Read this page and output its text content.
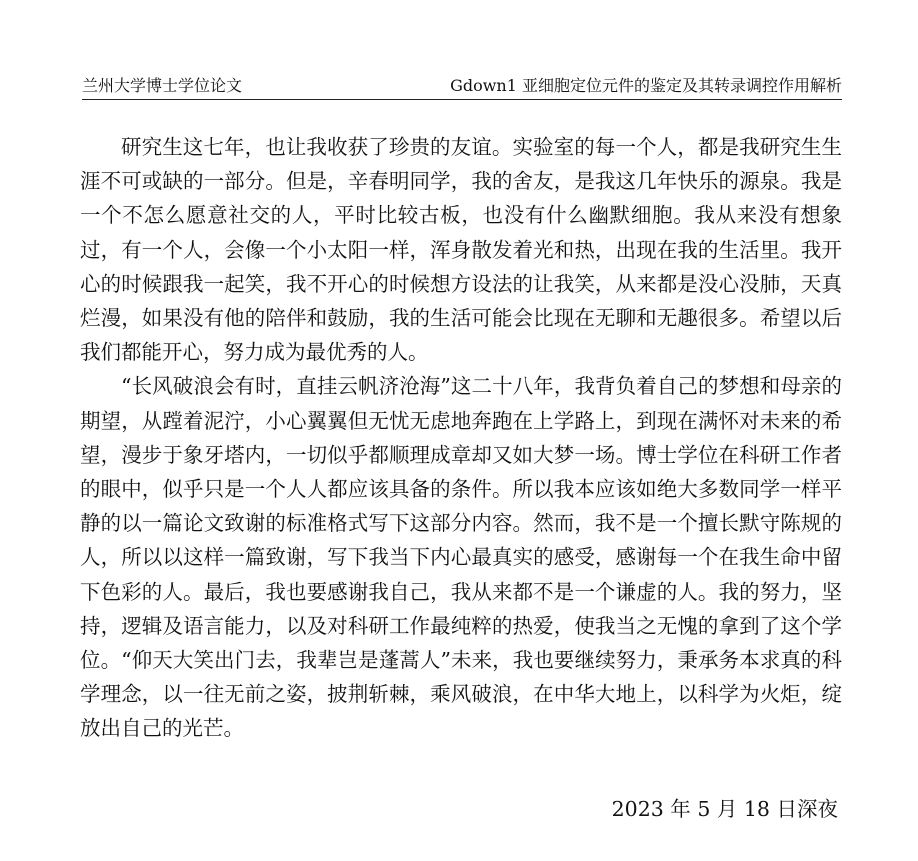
兰州大学博士学位论文	Gdown1 亚细胞定位元件的鉴定及其转录调控作用解析

研究生这七年，也让我收获了珍贵的友谊。实验室的每一个人，都是我研究生生涯不可或缺的一部分。但是，辛春明同学，我的舍友，是我这几年快乐的源泉。我是一个不怎么愿意社交的人，平时比较古板，也没有什么幽默细胞。我从来没有想象过，有一个人，会像一个小太阳一样，浑身散发着光和热，出现在我的生活里。我开心的时候跟我一起笑，我不开心的时候想方设法的让我笑，从来都是没心没肺，天真烂漫，如果没有他的陪伴和鼓励，我的生活可能会比现在无聊和无趣很多。希望以后我们都能开心，努力成为最优秀的人。

“长风破浪会有时，直挂云帆济沧海”这二十八年，我背负着自己的梦想和母亲的期望，从蹚着泥泞，小心翼翼但无忧无虑地奔跑在上学路上，到现在满怀对未来的希望，漫步于象牙塔内，一切似乎都顺理成章却又如大梦一场。博士学位在科研工作者的眼中，似乎只是一个人人都应该具备的条件。所以我本应该如绝大多数同学一样平静的以一篇论文致谢的标准格式写下这部分内容。然而，我不是一个擅长默守陈规的人，所以以这样一篇致谢，写下我当下内心最真实的感受，感谢每一个在我生命中留下色彩的人。最后，我也要感谢我自己，我从来都不是一个谦虚的人。我的努力，坚持，逻辑及语言能力，以及对科研工作最纯粹的热爱，使我当之无愧的拿到了这个学位。“仰天大笑出门去，我辈岂是蓬蒿人”未来，我也要继续努力，秉承务本求真的科学理念，以一往无前之姿，披荆斩棘，乘风破浪，在中华大地上，以科学为火炬，绽放出自己的光芒。

2023 年 5 月 18 日深夜
